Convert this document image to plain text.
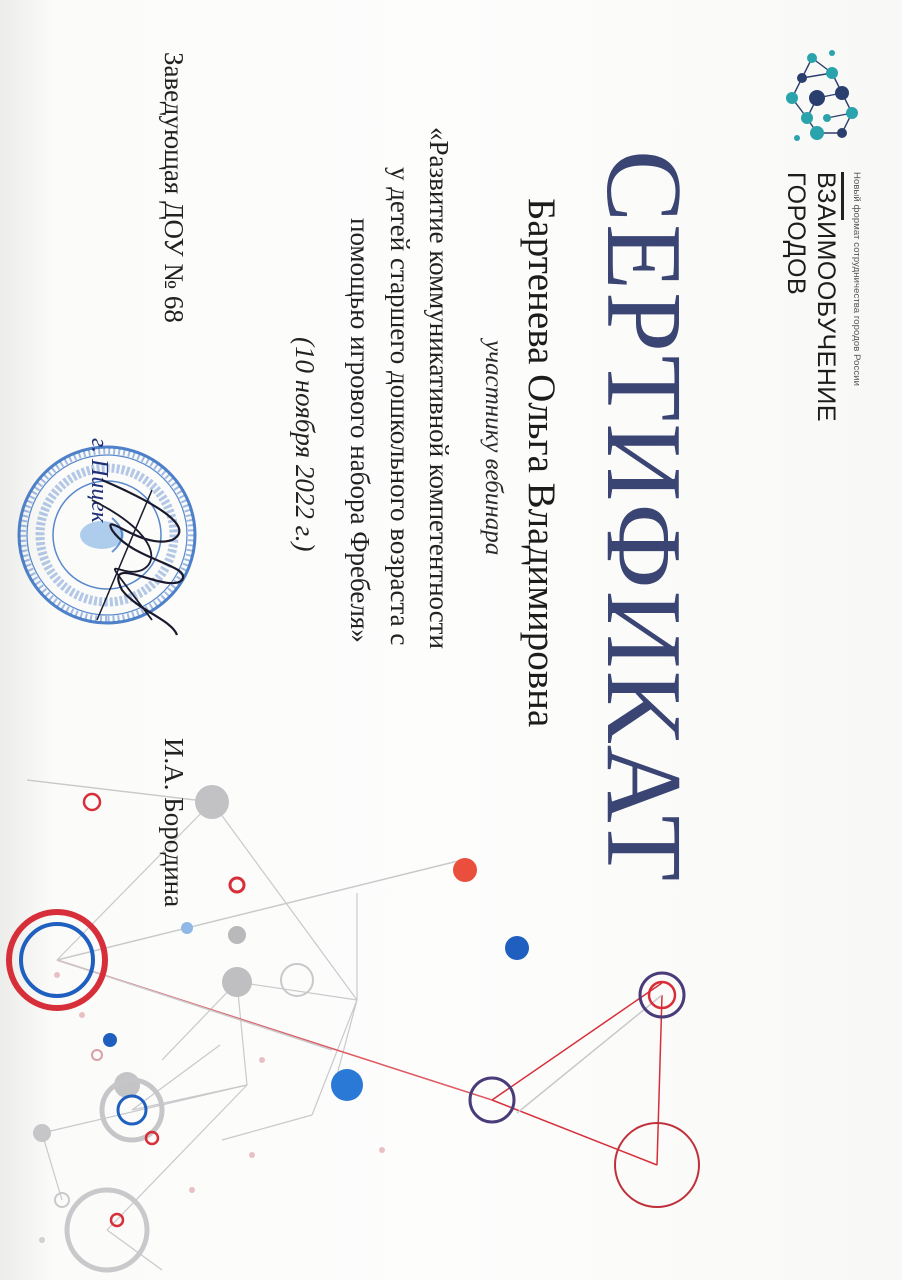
Новый формат сотрудничества городов России
ВЗАИМООБУЧЕНИЕ
ГОРОДОВ
СЕРТИФИКАТ
Бартенева Ольга Владимировна
участнику вебинара
«Развитие коммуникативной компетентности
у детей старшего дошкольного возраста с
помощью игрового набора Фребеля»
(10 ноября 2022 г.)
Заведующая ДОУ № 68
И.А. Бородина
г. Пицек
